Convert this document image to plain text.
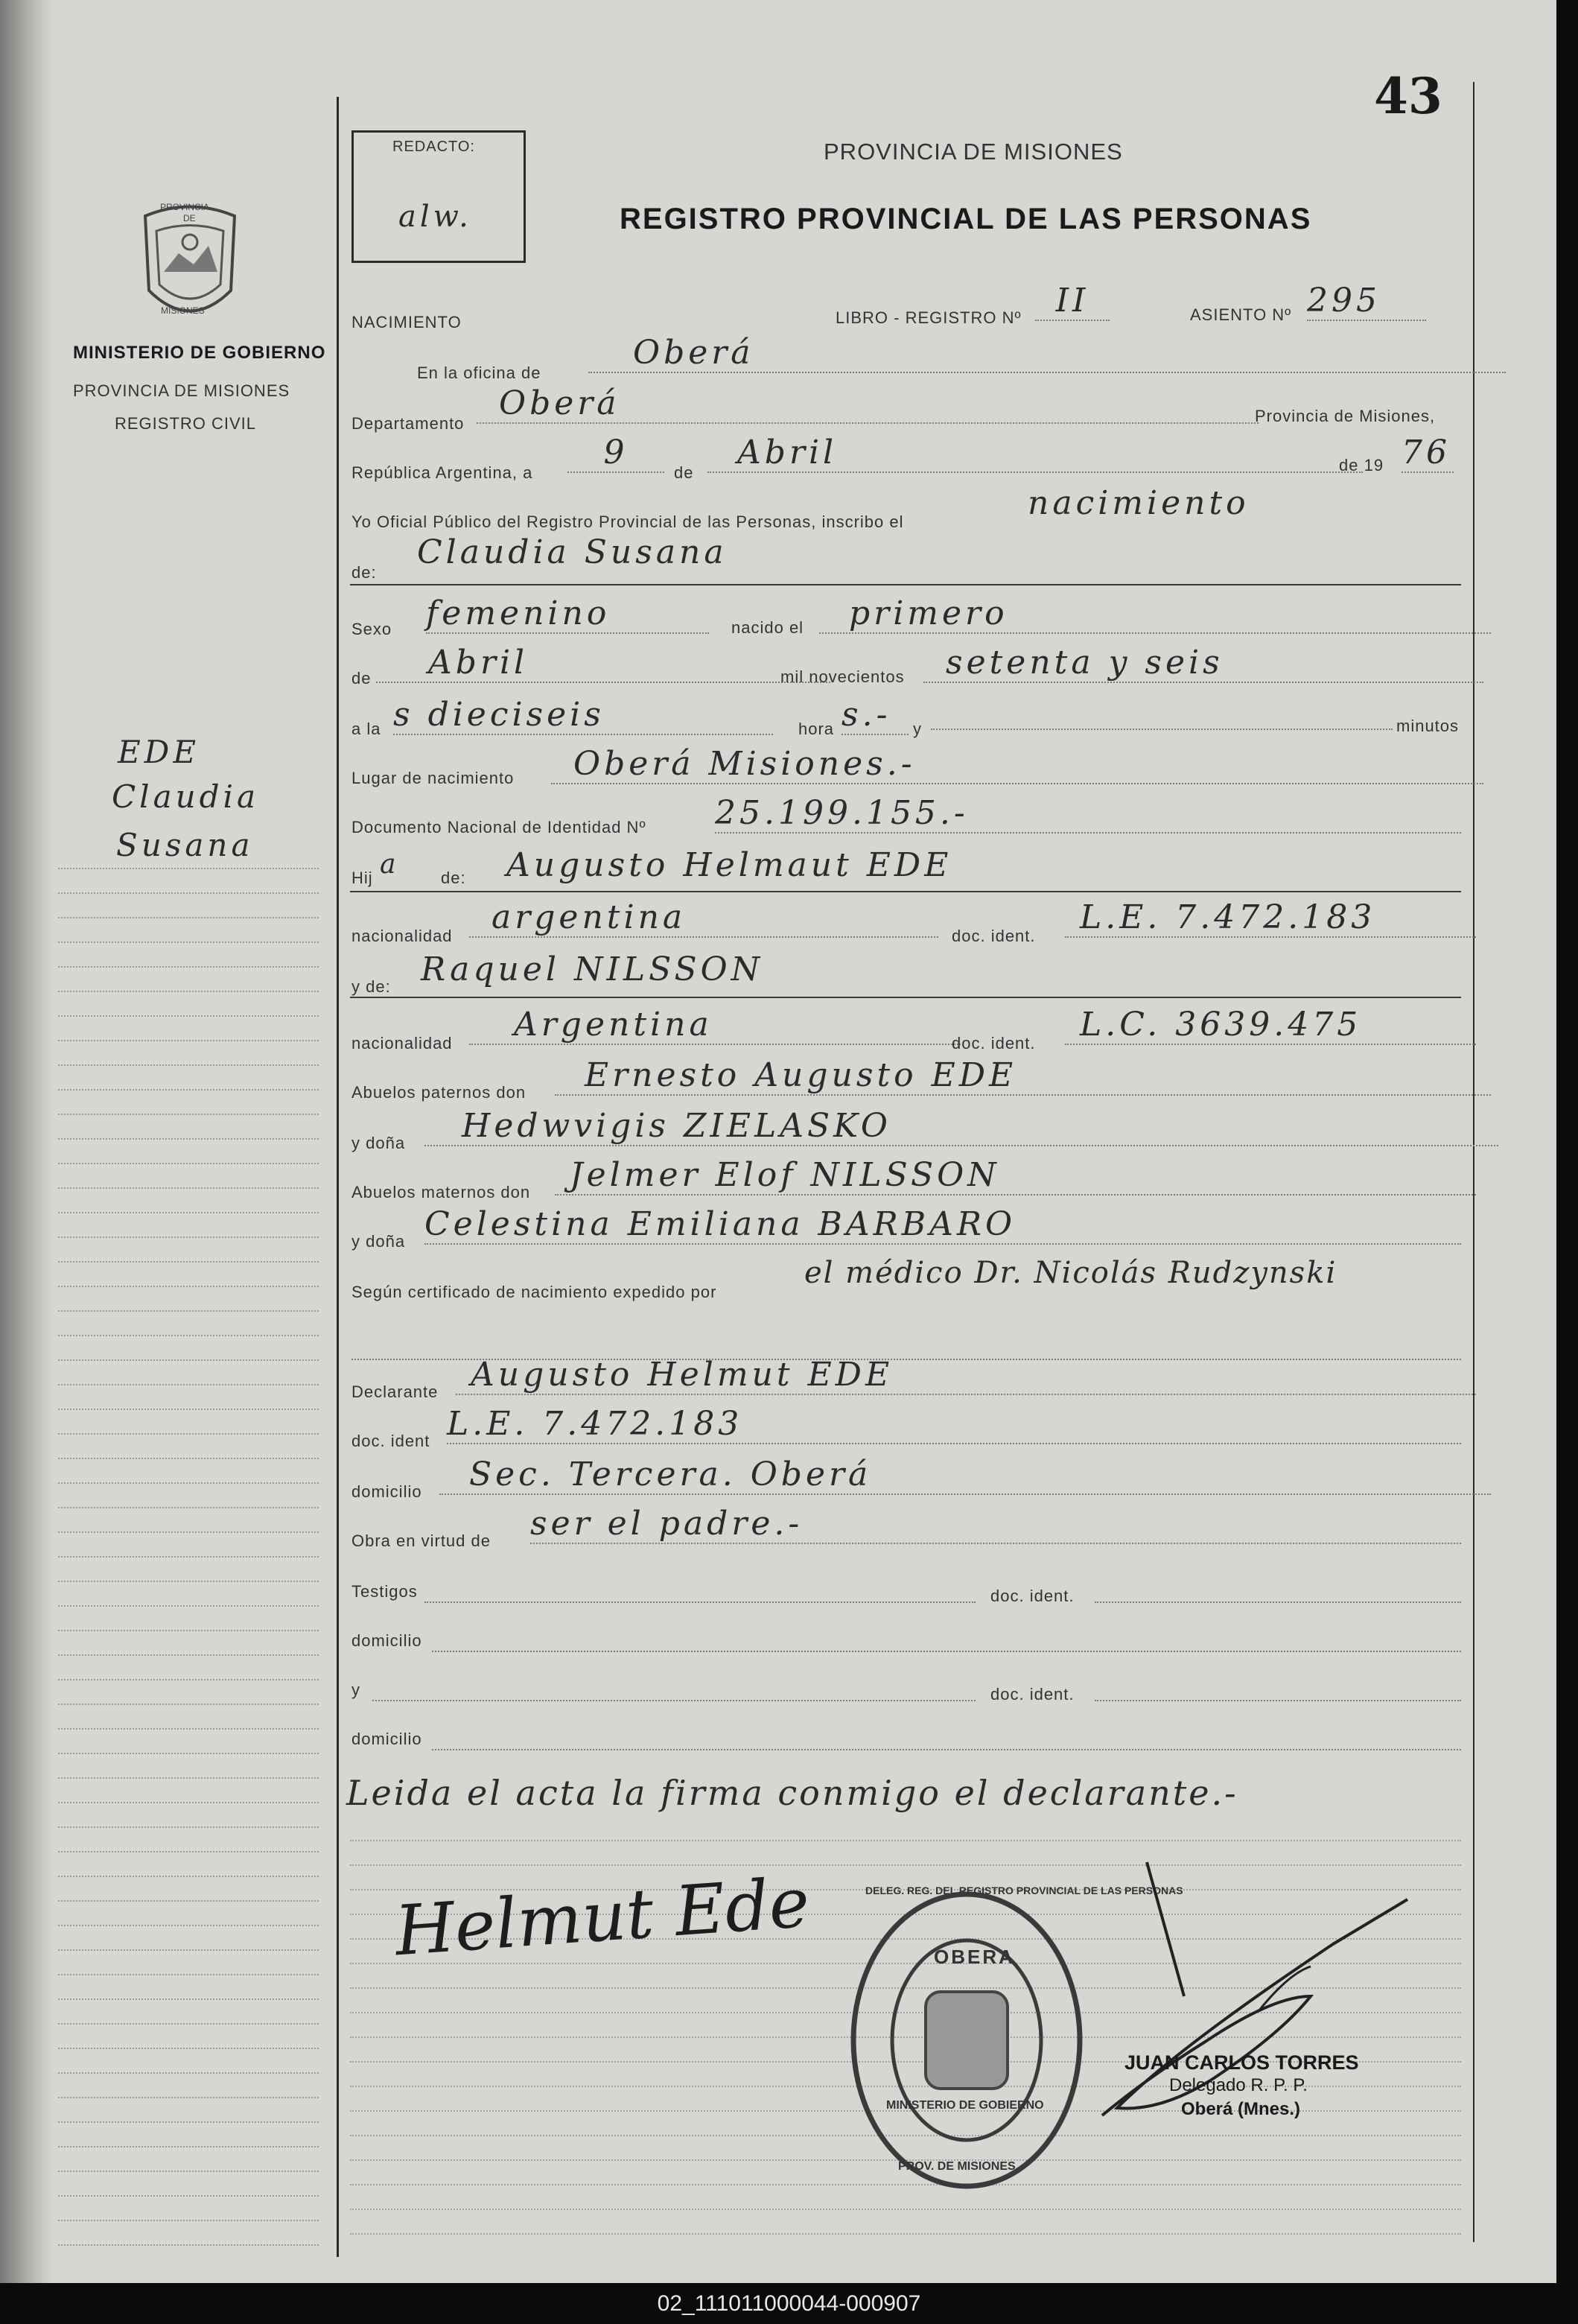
PROVINCIA
DE
MISIONES
MINISTERIO DE GOBIERNO
PROVINCIA DE MISIONES
REGISTRO CIVIL
EDE
Claudia
Susana
43
REDACTO:
alw.
PROVINCIA DE MISIONES
REGISTRO PROVINCIAL DE LAS PERSONAS
NACIMIENTO	LIBRO - REGISTRO Nº	II	ASIENTO Nº 295
En la oficina de
Oberá
Departamento
Oberá	Provincia de Misiones,
República Argentina, a
9
de
Abril	de 19 76
Yo Oficial Público del Registro Provincial de las Personas, inscribo el	nacimiento
de:
Claudia Susana
Sexo femenino	nacido el	primero
de	Abril	mil novecientos	setenta y seis
a la s dieciseis	hora s.-	y	minutos
Lugar de nacimiento	Oberá Misiones.-
Documento Nacional de Identidad Nº 25.199.155.-
Hij a	de: Augusto Helmaut EDE
nacionalidad	argentina	doc. ident.	L.E. 7.472.183
y de: Raquel NILSSON
nacionalidad	Argentina	doc. ident.	L.C. 3639.475
Abuelos paternos don	Ernesto Augusto EDE
y doña	Hedwvigis ZIELASKO
Abuelos maternos don	Jelmer Elof NILSSON
y doña Celestina Emiliana BARBARO
Según certificado de nacimiento expedido por
el médico Dr. Nicolás Rudzynski
Declarante Augusto Helmut EDE
doc. ident L.E. 7.472.183
domicilio	Sec. Tercera. Oberá
Obra en virtud de ser el padre.-
Testigos	doc. ident.
domicilio
y	doc. ident.
domicilio
Leida el acta la firma conmigo el declarante.-
Helmut Ede	DELEG. REG. DEL REGISTRO PROVINCIAL DE LAS PERSONAS
OBERA
MINISTERIO DE GOBIERNO
PROV. DE MISIONES
JUAN CARLOS TORRES
Delegado R. P. P.
Oberá (Mnes.)
02_111011000044-000907
